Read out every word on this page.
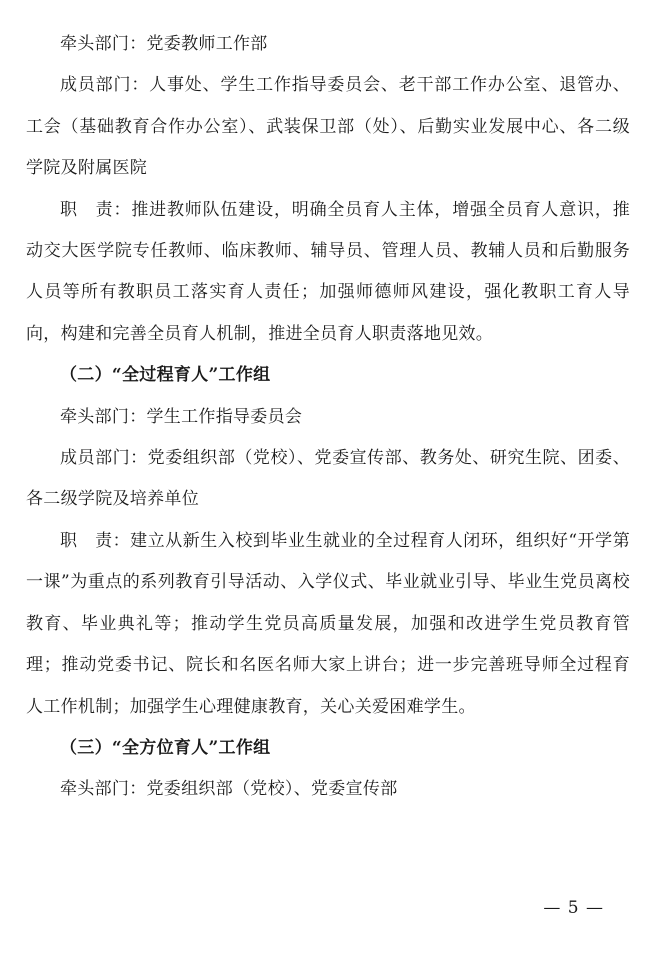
牵头部门：党委教师工作部

成员部门：人事处、学生工作指导委员会、老干部工作办公室、退管办、工会（基础教育合作办公室）、武装保卫部（处）、后勤实业发展中心、各二级学院及附属医院

职　责：推进教师队伍建设，明确全员育人主体，增强全员育人意识，推动交大医学院专任教师、临床教师、辅导员、管理人员、教辅人员和后勤服务人员等所有教职员工落实育人责任；加强师德师风建设，强化教职工育人导向，构建和完善全员育人机制，推进全员育人职责落地见效。

（二）“全过程育人”工作组

牵头部门：学生工作指导委员会

成员部门：党委组织部（党校）、党委宣传部、教务处、研究生院、团委、各二级学院及培养单位

职　责：建立从新生入校到毕业生就业的全过程育人闭环，组织好“开学第一课”为重点的系列教育引导活动、入学仪式、毕业就业引导、毕业生党员离校教育、毕业典礼等；推动学生党员高质量发展，加强和改进学生党员教育管理；推动党委书记、院长和名医名师大家上讲台；进一步完善班导师全过程育人工作机制；加强学生心理健康教育，关心关爱困难学生。

（三）“全方位育人”工作组

牵头部门：党委组织部（党校）、党委宣传部

— 5 —
